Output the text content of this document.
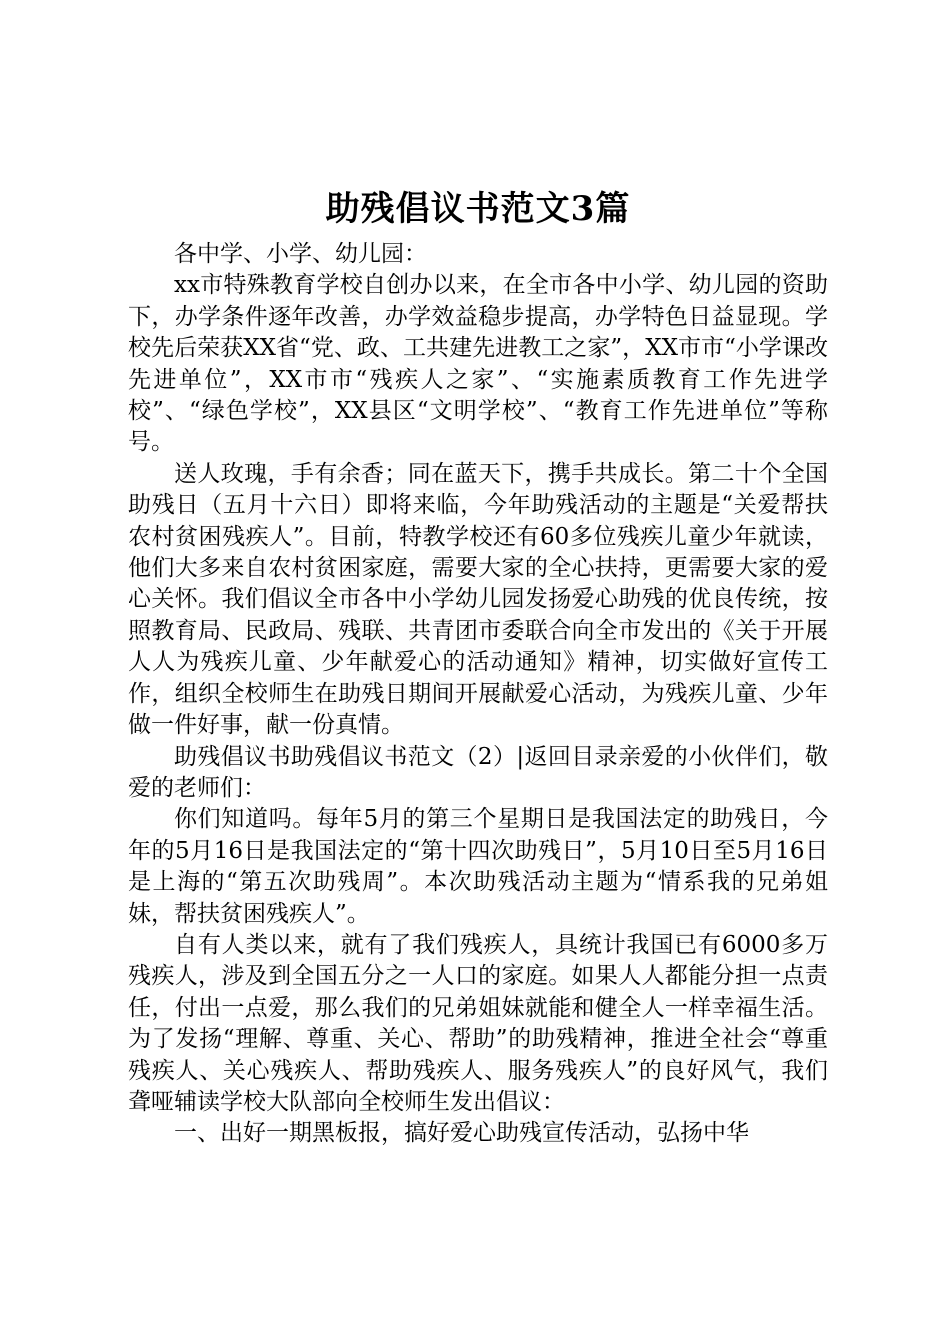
助残倡议书范文3篇

各中学、小学、幼儿园：

xx市特殊教育学校自创办以来，在全市各中小学、幼儿园的资助下，办学条件逐年改善，办学效益稳步提高，办学特色日益显现。学校先后荣获XX省“党、政、工共建先进教工之家”，XX市市“小学课改先进单位”，XX市市“残疾人之家”、“实施素质教育工作先进学校”、“绿色学校”，XX县区“文明学校”、“教育工作先进单位”等称号。

送人玫瑰，手有余香；同在蓝天下，携手共成长。第二十个全国助残日（五月十六日）即将来临，今年助残活动的主题是“关爱帮扶农村贫困残疾人”。目前，特教学校还有60多位残疾儿童少年就读，他们大多来自农村贫困家庭，需要大家的全心扶持，更需要大家的爱心关怀。我们倡议全市各中小学幼儿园发扬爱心助残的优良传统，按照教育局、民政局、残联、共青团市委联合向全市发出的《关于开展人人为残疾儿童、少年献爱心的活动通知》精神，切实做好宣传工作，组织全校师生在助残日期间开展献爱心活动，为残疾儿童、少年做一件好事，献一份真情。

助残倡议书助残倡议书范文（2）|返回目录亲爱的小伙伴们，敬爱的老师们：

你们知道吗。每年5月的第三个星期日是我国法定的助残日，今年的5月16日是我国法定的“第十四次助残日”，5月10日至5月16日是上海的“第五次助残周”。本次助残活动主题为“情系我的兄弟姐妹，帮扶贫困残疾人”。

自有人类以来，就有了我们残疾人，具统计我国已有6000多万残疾人，涉及到全国五分之一人口的家庭。如果人人都能分担一点责任，付出一点爱，那么我们的兄弟姐妹就能和健全人一样幸福生活。为了发扬“理解、尊重、关心、帮助”的助残精神，推进全社会“尊重残疾人、关心残疾人、帮助残疾人、服务残疾人”的良好风气，我们聋哑辅读学校大队部向全校师生发出倡议：

一、出好一期黑板报，搞好爱心助残宣传活动，弘扬中华
